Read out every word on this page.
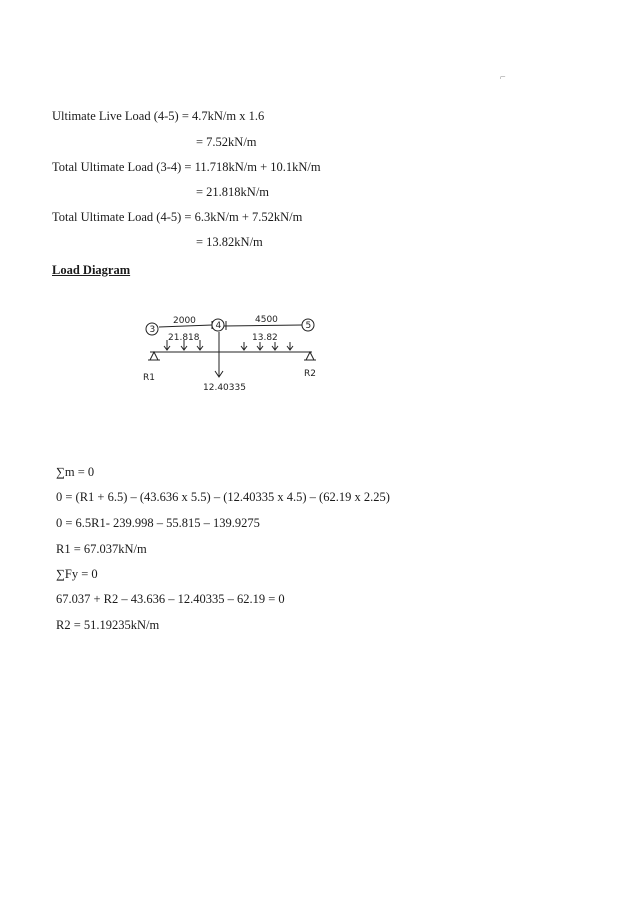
⌐
Ultimate Live Load (4-5) = 4.7kN/m x 1.6
= 7.52kN/m
Total Ultimate Load (3-4) = 11.718kN/m + 10.1kN/m
= 21.818kN/m
Total Ultimate Load (4-5) = 6.3kN/m + 7.52kN/m
= 13.82kN/m
Load Diagram
3	4	5
2000	4500
21.818	13.82
12.40335
R1	R2
∑m = 0
0 = (R1 + 6.5) – (43.636 x 5.5) – (12.40335 x 4.5) – (62.19 x 2.25)
0 = 6.5R1- 239.998 – 55.815 – 139.9275
R1 = 67.037kN/m
∑Fy = 0
67.037 + R2 – 43.636 – 12.40335 – 62.19 = 0
R2 = 51.19235kN/m
